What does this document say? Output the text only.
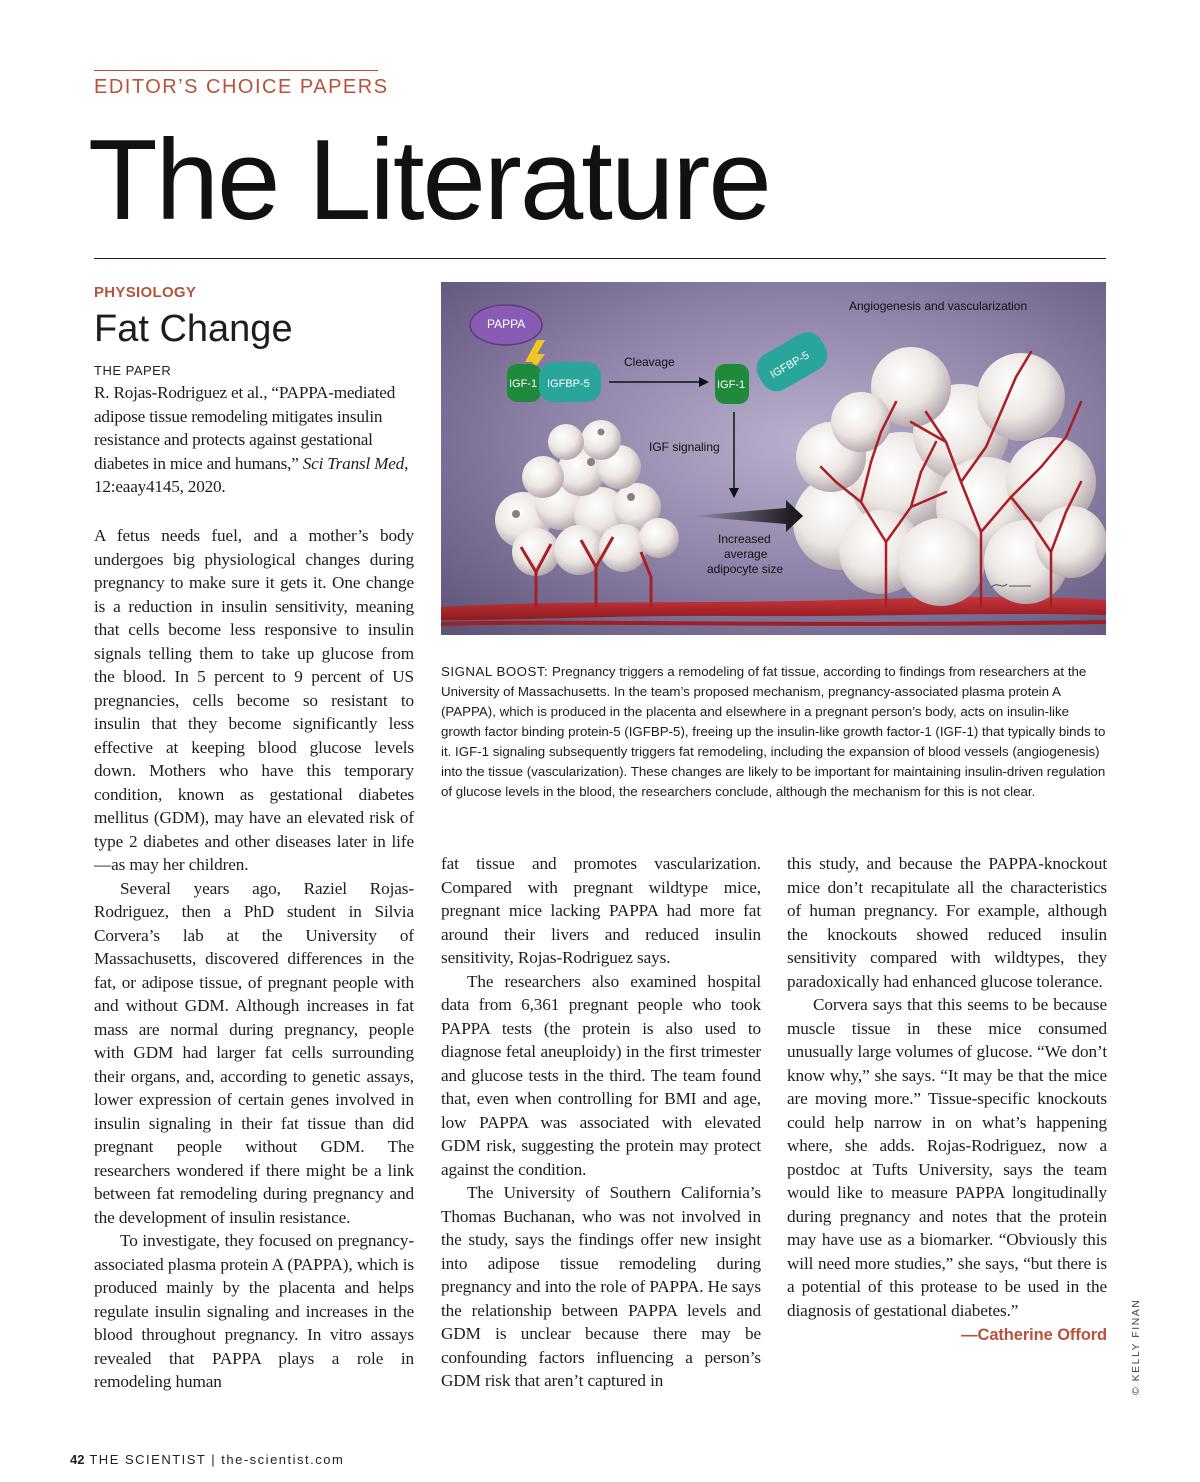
EDITOR’S CHOICE PAPERS
The Literature
PHYSIOLOGY
Fat Change
THE PAPER
R. Rojas-Rodriguez et al., “PAPPA-mediated adipose tissue remodeling mitigates insulin resistance and protects against gestational diabetes in mice and humans,” Sci Transl Med, 12:eaay4145, 2020.

A fetus needs fuel, and a mother’s body undergoes big physiological changes during pregnancy to make sure it gets it. One change is a reduction in insulin sensitivity, meaning that cells become less responsive to insulin signals telling them to take up glucose from the blood. In 5 percent to 9 percent of US pregnancies, cells become so resistant to insulin that they become significantly less effective at keeping blood glucose levels down. Mothers who have this temporary condition, known as gestational diabetes mellitus (GDM), may have an elevated risk of type 2 diabetes and other diseases later in life—as may her children.

Several years ago, Raziel Rojas-Rodriguez, then a PhD student in Silvia Corvera’s lab at the University of Massachusetts, discovered differences in the fat, or adipose tissue, of pregnant people with and without GDM. Although increases in fat mass are normal during pregnancy, people with GDM had larger fat cells surrounding their organs, and, according to genetic assays, lower expression of certain genes involved in insulin signaling in their fat tissue than did pregnant people without GDM. The researchers wondered if there might be a link between fat remodeling during pregnancy and the development of insulin resistance.

To investigate, they focused on pregnancy-associated plasma protein A (PAPPA), which is produced mainly by the placenta and helps regulate insulin signaling and increases in the blood throughout pregnancy. In vitro assays revealed that PAPPA plays a role in remodeling human

PAPPA
IGF-1 IGFBP-5
Cleavage
IGF-1
IGFBP-5
IGF signaling
Increased
average
adipocyte size
Angiogenesis and vascularization
SIGNAL BOOST: Pregnancy triggers a remodeling of fat tissue, according to findings from researchers at the University of Massachusetts. In the team’s proposed mechanism, pregnancy-associated plasma protein A (PAPPA), which is produced in the placenta and elsewhere in a pregnant person’s body, acts on insulin-like growth factor binding protein-5 (IGFBP-5), freeing up the insulin-like growth factor-1 (IGF-1) that typically binds to it. IGF-1 signaling subsequently triggers fat remodeling, including the expansion of blood vessels (angiogenesis) into the tissue (vascularization). These changes are likely to be important for maintaining insulin-driven regulation of glucose levels in the blood, the researchers conclude, although the mechanism for this is not clear.

fat tissue and promotes vascularization. Compared with pregnant wildtype mice, pregnant mice lacking PAPPA had more fat around their livers and reduced insulin sensitivity, Rojas-Rodriguez says.

The researchers also examined hospital data from 6,361 pregnant people who took PAPPA tests (the protein is also used to diagnose fetal aneuploidy) in the first trimester and glucose tests in the third. The team found that, even when controlling for BMI and age, low PAPPA was associated with elevated GDM risk, suggesting the protein may protect against the condition.

The University of Southern California’s Thomas Buchanan, who was not involved in the study, says the findings offer new insight into adipose tissue remodeling during pregnancy and into the role of PAPPA. He says the relationship between PAPPA levels and GDM is unclear because there may be confounding factors influencing a person’s GDM risk that aren’t captured in

this study, and because the PAPPA-knockout mice don’t recapitulate all the characteristics of human pregnancy. For example, although the knockouts showed reduced insulin sensitivity compared with wildtypes, they paradoxically had enhanced glucose tolerance.

Corvera says that this seems to be because muscle tissue in these mice consumed unusually large volumes of glucose. “We don’t know why,” she says. “It may be that the mice are moving more.” Tissue-specific knockouts could help narrow in on what’s happening where, she adds. Rojas-Rodriguez, now a postdoc at Tufts University, says the team would like to measure PAPPA longitudinally during pregnancy and notes that the protein may have use as a biomarker. “Obviously this will need more studies,” she says, “but there is a potential of this protease to be used in the diagnosis of gestational diabetes.”

—Catherine Offord
42 THE SCIENTIST | the-scientist.com
© KELLY FINAN
